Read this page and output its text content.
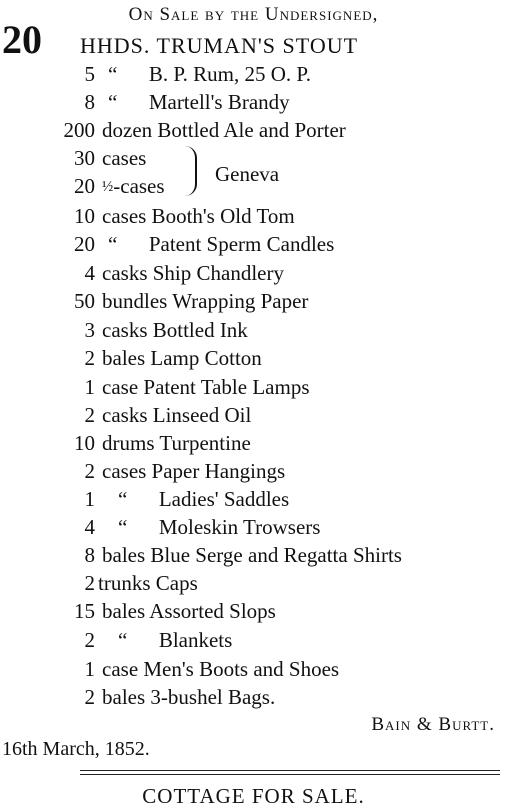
On Sale by the Undersigned,
20 HHDS. TRUMAN'S STOUT
5 “      B. P. Rum, 25 O. P.
8 “      Martell's Brandy
200 dozen Bottled Ale and Porter
30 cases
20 ½-cases Geneva
10 cases Booth's Old Tom
20 “      Patent Sperm Candles
4 casks Ship Chandlery
50 bundles Wrapping Paper
3 casks Bottled Ink
2 bales Lamp Cotton
1 case Patent Table Lamps
2 casks Linseed Oil
10 drums Turpentine
2 cases Paper Hangings
1 “      Ladies' Saddles
4 “      Moleskin Trowsers
8 bales Blue Serge and Regatta Shirts
2 trunks Caps
15 bales Assorted Slops
2 “      Blankets
1 case Men's Boots and Shoes
2 bales 3-bushel Bags.
Bain & Burtt.
16th March, 1852.
COTTAGE FOR SALE.
